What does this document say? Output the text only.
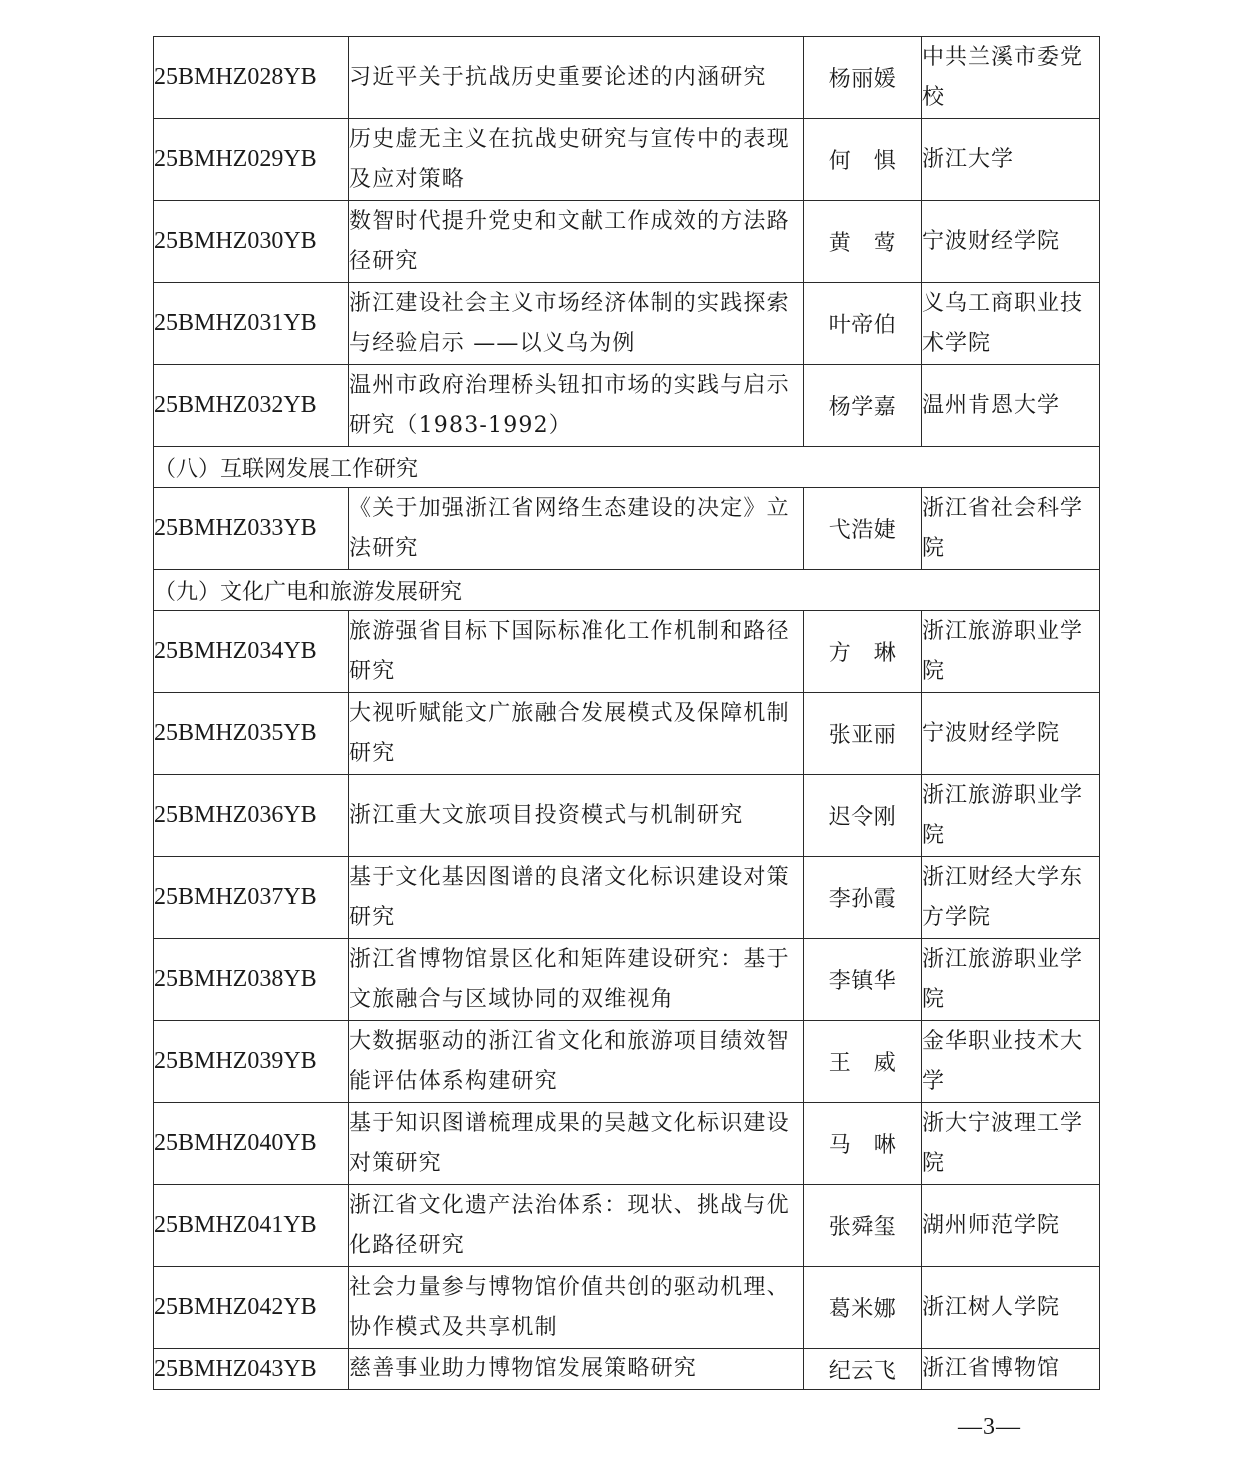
25BMHZ028YB	习近平关于抗战历史重要论述的内涵研究	杨丽媛	中共兰溪市委党校
25BMHZ029YB	历史虚无主义在抗战史研究与宣传中的表现及应对策略	何　惧	浙江大学
25BMHZ030YB	数智时代提升党史和文献工作成效的方法路径研究	黄　莺	宁波财经学院
25BMHZ031YB	浙江建设社会主义市场经济体制的实践探索与经验启示 ——以义乌为例	叶帝伯	义乌工商职业技术学院
25BMHZ032YB	温州市政府治理桥头钮扣市场的实践与启示研究（1983-1992）	杨学嘉	温州肯恩大学
（八）互联网发展工作研究			
25BMHZ033YB	《关于加强浙江省网络生态建设的决定》立法研究	弋浩婕	浙江省社会科学院
（九）文化广电和旅游发展研究			
25BMHZ034YB	旅游强省目标下国际标准化工作机制和路径研究	方　琳	浙江旅游职业学院
25BMHZ035YB	大视听赋能文广旅融合发展模式及保障机制研究	张亚丽	宁波财经学院
25BMHZ036YB	浙江重大文旅项目投资模式与机制研究	迟令刚	浙江旅游职业学院
25BMHZ037YB	基于文化基因图谱的良渚文化标识建设对策研究	李孙霞	浙江财经大学东方学院
25BMHZ038YB	浙江省博物馆景区化和矩阵建设研究：基于文旅融合与区域协同的双维视角	李镇华	浙江旅游职业学院
25BMHZ039YB	大数据驱动的浙江省文化和旅游项目绩效智能评估体系构建研究	王　威	金华职业技术大学
25BMHZ040YB	基于知识图谱梳理成果的吴越文化标识建设对策研究	马　啉	浙大宁波理工学院
25BMHZ041YB	浙江省文化遗产法治体系：现状、挑战与优化路径研究	张舜玺	湖州师范学院
25BMHZ042YB	社会力量参与博物馆价值共创的驱动机理、协作模式及共享机制	葛米娜	浙江树人学院
25BMHZ043YB	慈善事业助力博物馆发展策略研究	纪云飞	浙江省博物馆
—3—
